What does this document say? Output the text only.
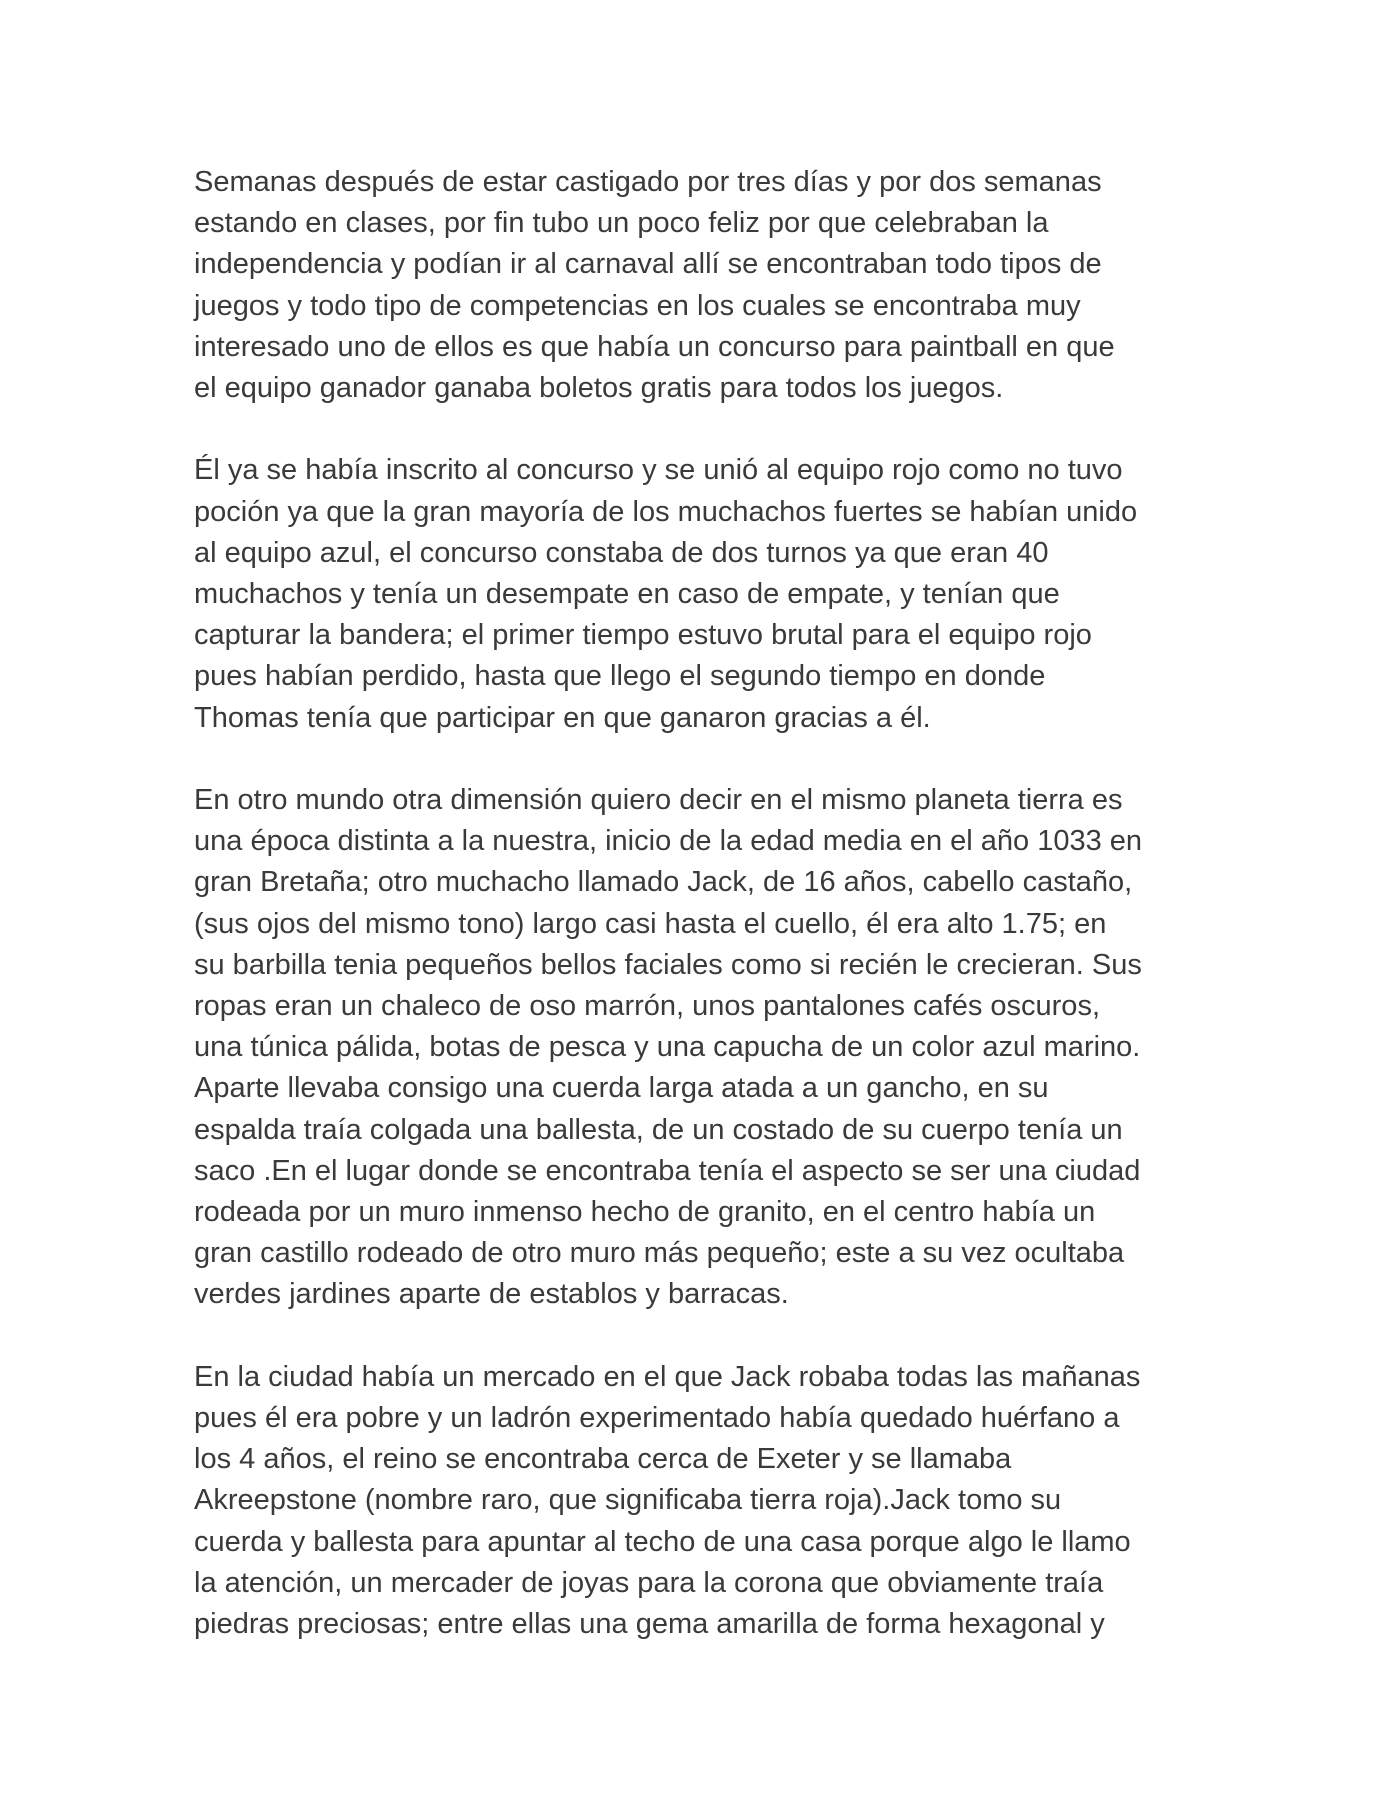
Semanas después de estar castigado por tres días y por dos semanas
estando en clases, por fin tubo un poco feliz por que celebraban la
independencia y podían ir al carnaval allí se encontraban todo tipos de
juegos y todo tipo de competencias en los cuales se encontraba muy
interesado uno de ellos es que había un concurso para paintball en que
el equipo ganador ganaba boletos gratis para todos los juegos.

Él ya se había inscrito al concurso y se unió al equipo rojo como no tuvo
poción ya que la gran mayoría de los muchachos fuertes se habían unido
al equipo azul, el concurso constaba de dos turnos ya que eran 40
muchachos y tenía un desempate en caso de empate, y tenían que
capturar la bandera; el primer tiempo estuvo brutal para el equipo rojo
pues habían perdido, hasta que llego el segundo tiempo en donde
Thomas tenía que participar en que ganaron gracias a él.

En otro mundo otra dimensión quiero decir en el mismo planeta tierra es
una época distinta a la nuestra, inicio de la edad media en el año 1033 en
gran Bretaña; otro muchacho llamado Jack, de 16 años, cabello castaño,
(sus ojos del mismo tono) largo casi hasta el cuello, él era alto 1.75; en
su barbilla tenia pequeños bellos faciales como si recién le crecieran. Sus
ropas eran un chaleco de oso marrón, unos pantalones cafés oscuros,
una túnica pálida, botas de pesca y una capucha de un color azul marino.
Aparte llevaba consigo una cuerda larga atada a un gancho, en su
espalda traía colgada una ballesta, de un costado de su cuerpo tenía un
saco .En el lugar donde se encontraba tenía el aspecto se ser una ciudad
rodeada por un muro inmenso hecho de granito, en el centro había un
gran castillo rodeado de otro muro más pequeño; este a su vez ocultaba
verdes jardines aparte de establos y barracas.

En la ciudad había un mercado en el que Jack robaba todas las mañanas
pues él era pobre y un ladrón experimentado había quedado huérfano a
los 4 años, el reino se encontraba cerca de Exeter y se llamaba
Akreepstone (nombre raro, que significaba tierra roja).Jack tomo su
cuerda y ballesta para apuntar al techo de una casa porque algo le llamo
la atención, un mercader de joyas para la corona que obviamente traía
piedras preciosas; entre ellas una gema amarilla de forma hexagonal y
